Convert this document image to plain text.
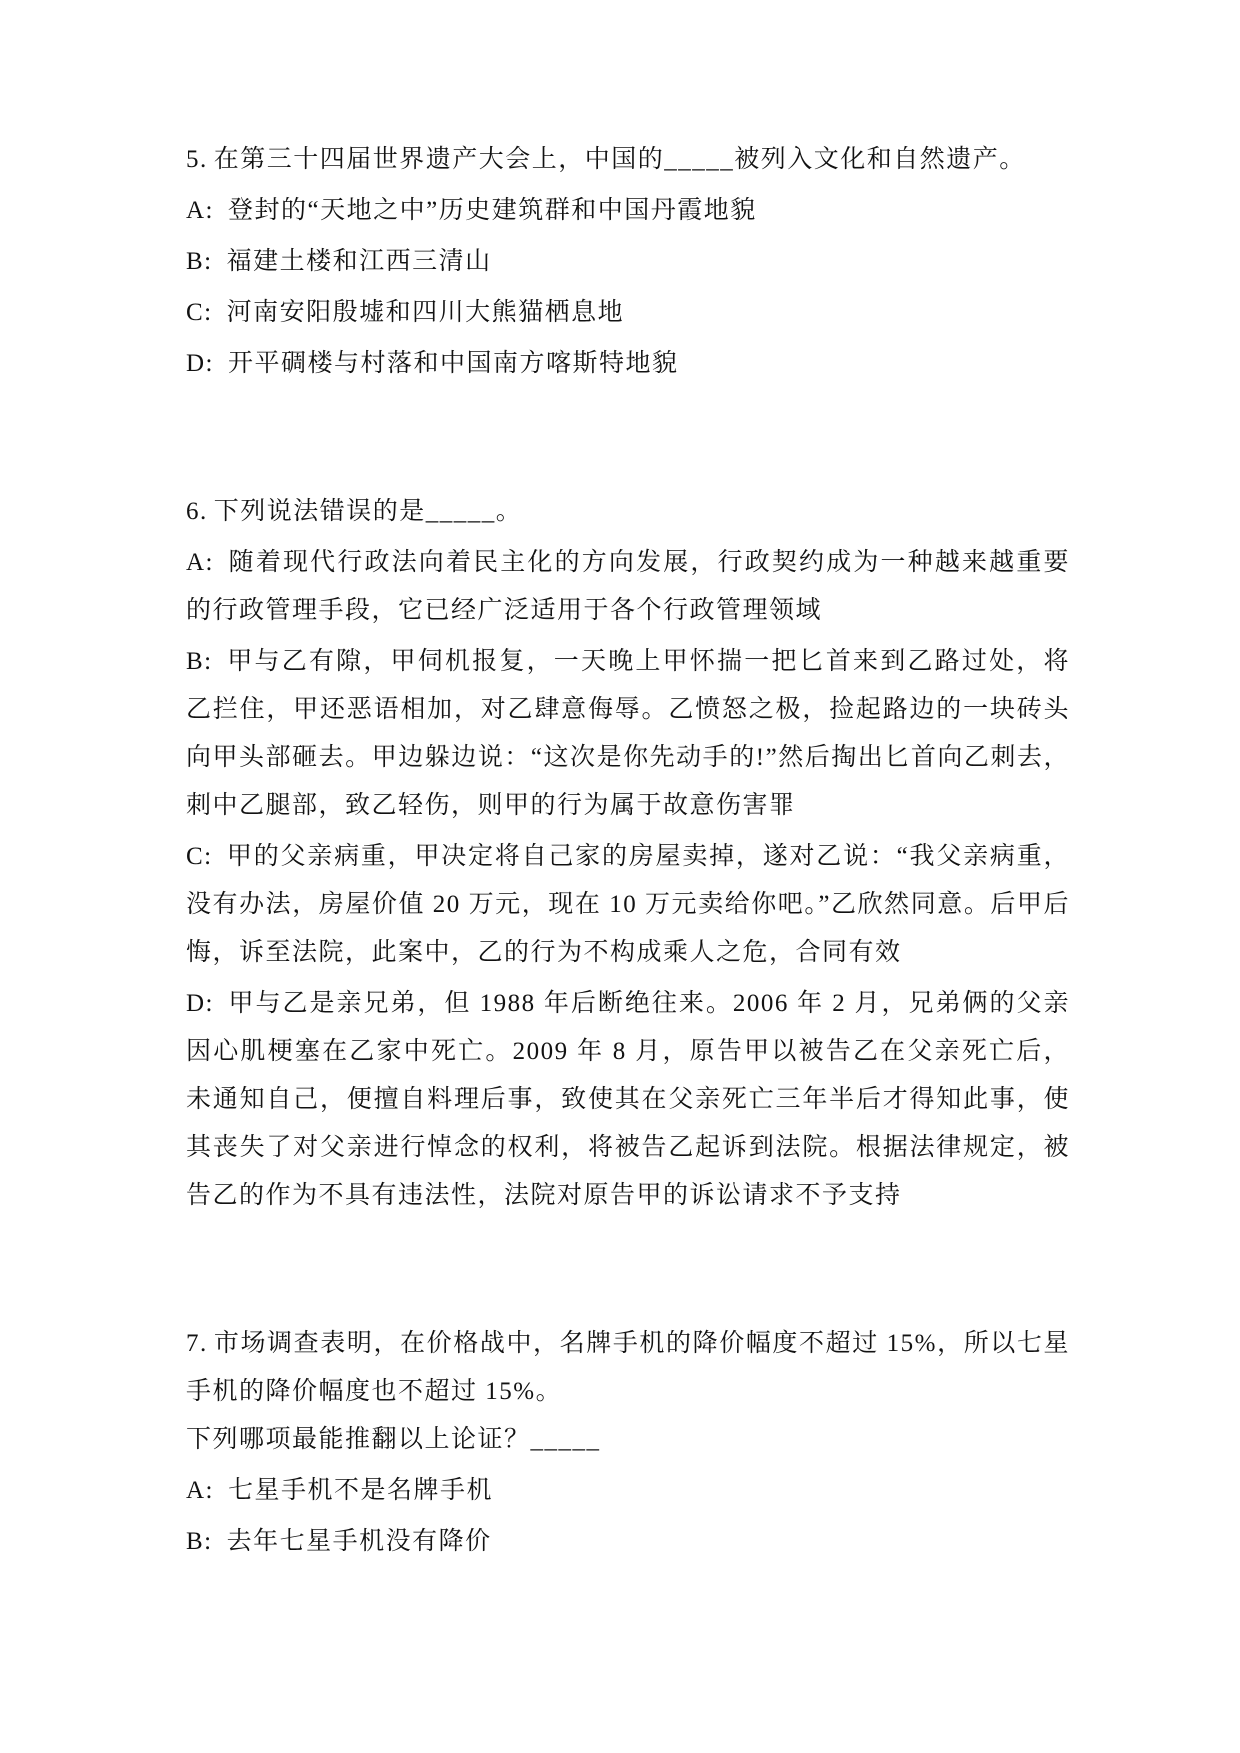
5. 在第三十四届世界遗产大会上，中国的_____被列入文化和自然遗产。

A: 登封的“天地之中”历史建筑群和中国丹霞地貌

B: 福建土楼和江西三清山

C: 河南安阳殷墟和四川大熊猫栖息地

D: 开平碉楼与村落和中国南方喀斯特地貌

6. 下列说法错误的是_____。

A: 随着现代行政法向着民主化的方向发展，行政契约成为一种越来越重要的行政管理手段，它已经广泛适用于各个行政管理领域

B: 甲与乙有隙，甲伺机报复，一天晚上甲怀揣一把匕首来到乙路过处，将乙拦住，甲还恶语相加，对乙肆意侮辱。乙愤怒之极，捡起路边的一块砖头向甲头部砸去。甲边躲边说：“这次是你先动手的!”然后掏出匕首向乙刺去，刺中乙腿部，致乙轻伤，则甲的行为属于故意伤害罪

C: 甲的父亲病重，甲决定将自己家的房屋卖掉，遂对乙说：“我父亲病重，没有办法，房屋价值 20 万元，现在 10 万元卖给你吧。”乙欣然同意。后甲后悔，诉至法院，此案中，乙的行为不构成乘人之危，合同有效

D: 甲与乙是亲兄弟，但 1988 年后断绝往来。2006 年 2 月，兄弟俩的父亲因心肌梗塞在乙家中死亡。2009 年 8 月，原告甲以被告乙在父亲死亡后，未通知自己，便擅自料理后事，致使其在父亲死亡三年半后才得知此事，使其丧失了对父亲进行悼念的权利，将被告乙起诉到法院。根据法律规定，被告乙的作为不具有违法性，法院对原告甲的诉讼请求不予支持

7. 市场调查表明，在价格战中，名牌手机的降价幅度不超过 15%，所以七星手机的降价幅度也不超过 15%。

下列哪项最能推翻以上论证？_____

A: 七星手机不是名牌手机

B: 去年七星手机没有降价
